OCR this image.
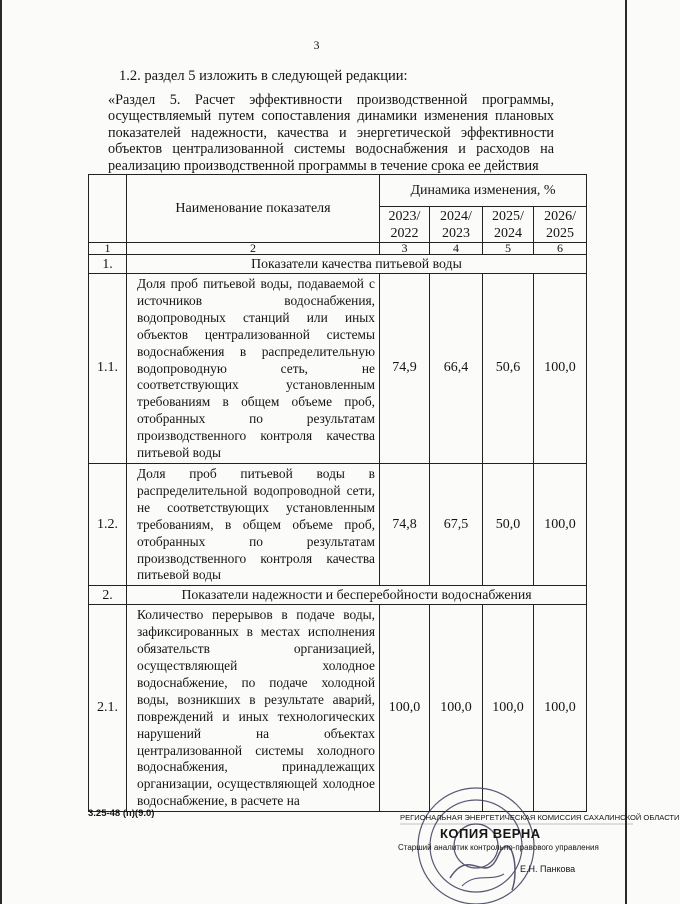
3
1.2. раздел 5 изложить в следующей редакции:
«Раздел 5. Расчет эффективности производственной программы, осуществляемый путем сопоставления динамики изменения плановых показателей надежности, качества и энергетической эффективности объектов централизованной системы водоснабжения и расходов на реализацию производственной программы в течение срока ее действия
	Наименование показателя	Динамика изменения, %			
		2023/ 2022	2024/ 2023	2025/ 2024	2026/ 2025
1	2	3	4	5	6
1.	Показатели качества питьевой воды				
1.1.	Доля проб питьевой воды, подаваемой с источников водоснабжения, водопроводных станций или иных объектов централизованной системы водоснабжения в распределительную водопроводную сеть, не соответствующих установленным требованиям в общем объеме проб, отобранных по результатам производственного контроля качества питьевой воды	74,9	66,4	50,6	100,0
1.2.	Доля проб питьевой воды в распределительной водопроводной сети, не соответствующих установленным требованиям, в общем объеме проб, отобранных по результатам производственного контроля качества питьевой воды	74,8	67,5	50,0	100,0
2.	Показатели надежности и бесперебойности водоснабжения				
2.1.	Количество перерывов в подаче воды, зафиксированных в местах исполнения обязательств организацией, осуществляющей холодное водоснабжение, по подаче холодной воды, возникших в результате аварий, повреждений и иных технологических нарушений на объектах централизованной системы холодного водоснабжения, принадлежащих организации, осуществляющей холодное водоснабжение, в расчете на	100,0	100,0	100,0	100,0
3.25-48 (п)(9.0)	РЕГИОНАЛЬНАЯ ЭНЕРГЕТИЧЕСКАЯ КОМИССИЯ САХАЛИНСКОЙ ОБЛАСТИ
КОПИЯ ВЕРНА
Старший аналитик контрольно-правового управления
Е.Н. Панкова
